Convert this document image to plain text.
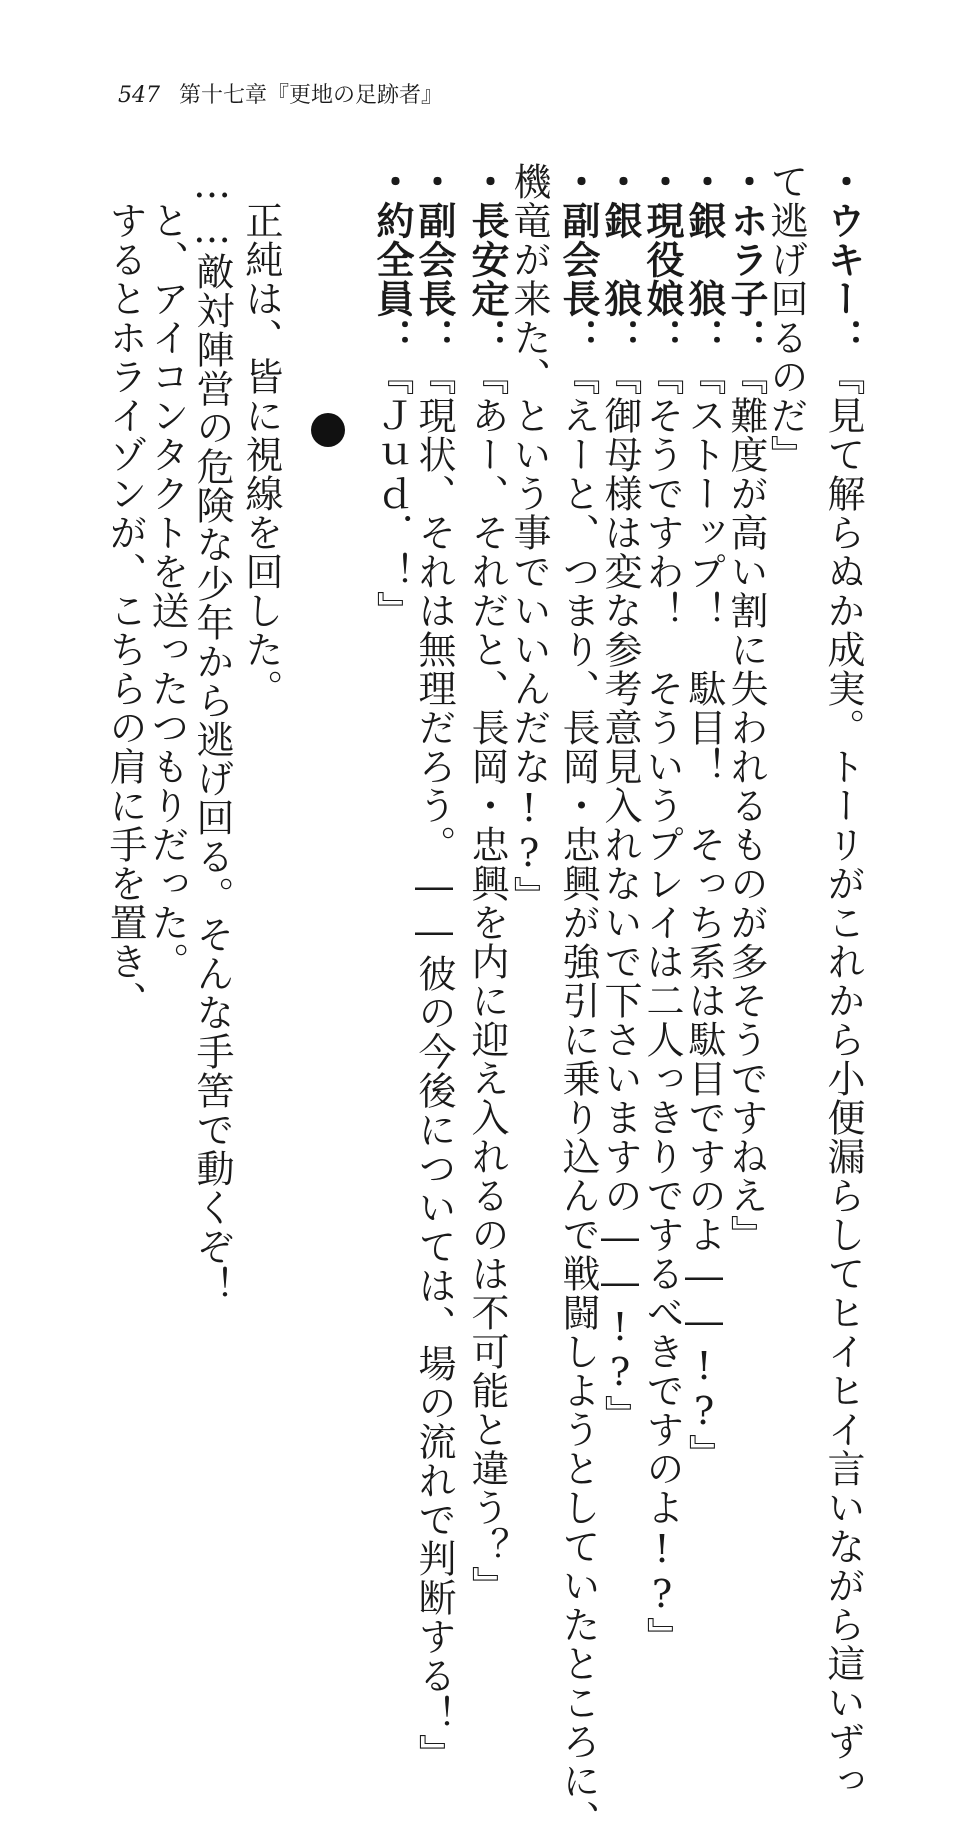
547 第十七章『更地の足跡者』
・ウキー：『見て解らぬか成実。トーリがこれから小便漏らしてヒイヒイ言いながら這いずっ
て逃げ回るのだ』
・ホラ子：『難度が高い割に失われるものが多そうですねえ』
・銀　狼：『ストーップ！　駄目！　そっち系は駄目ですのよ――!?』
・現役娘：『そうですわ！　そういうプレイは二人っきりでするべきですのよ!?』
・銀　狼：『御母様は変な参考意見入れないで下さいますの――!?』
・副会長：『えーと、つまり、長岡・忠興が強引に乗り込んで戦闘しようとしていたところに、
機竜が来た、という事でいいんだな!?』
・長安定：『あー、それだと、長岡・忠興を内に迎え入れるのは不可能と違う？』
・副会長：『現状、それは無理だろう。――彼の今後については、場の流れで判断する！』
・約全員：『Ｊｕｄ．！』
　正純は、皆に視線を回した。
……敵対陣営の危険な少年から逃げ回る。そんな手筈で動くぞ！
　と、アイコンタクトを送ったつもりだった。
　するとホライゾンが、こちらの肩に手を置き、
